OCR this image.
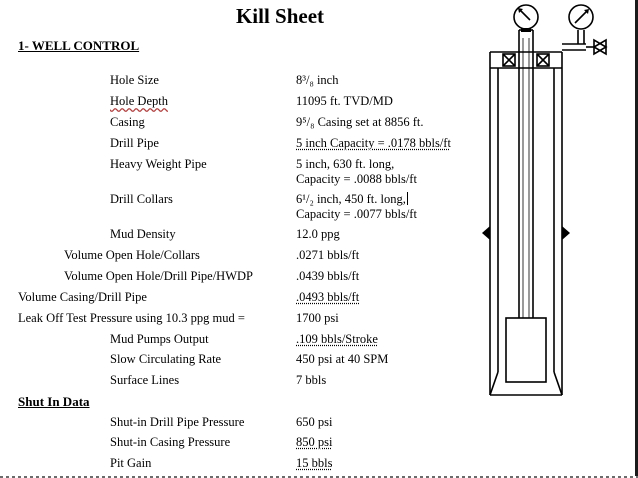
Kill Sheet
1- WELL CONTROL
Hole Size	8³/₈ inch
Hole Depth	11095 ft. TVD/MD
Casing	9⁵/₈ Casing set at 8856 ft.
Drill Pipe	5 inch Capacity = .0178 bbls/ft
Heavy Weight Pipe	5 inch, 630 ft. long,
Capacity = .0088 bbls/ft
Drill Collars	6¹/₂ inch, 450 ft. long,
Capacity = .0077 bbls/ft
Mud Density	12.0 ppg
Volume Open Hole/Collars	.0271 bbls/ft
Volume Open Hole/Drill Pipe/HWDP	.0439 bbls/ft
Volume Casing/Drill Pipe	.0493 bbls/ft
Leak Off Test Pressure using 10.3 ppg mud =	1700 psi
Mud Pumps Output	.109 bbls/Stroke
Slow Circulating Rate	450 psi at 40 SPM
Surface Lines	7 bbls
Shut In Data
Shut-in Drill Pipe Pressure	650 psi
Shut-in Casing Pressure	850 psi
Pit Gain	15 bbls
